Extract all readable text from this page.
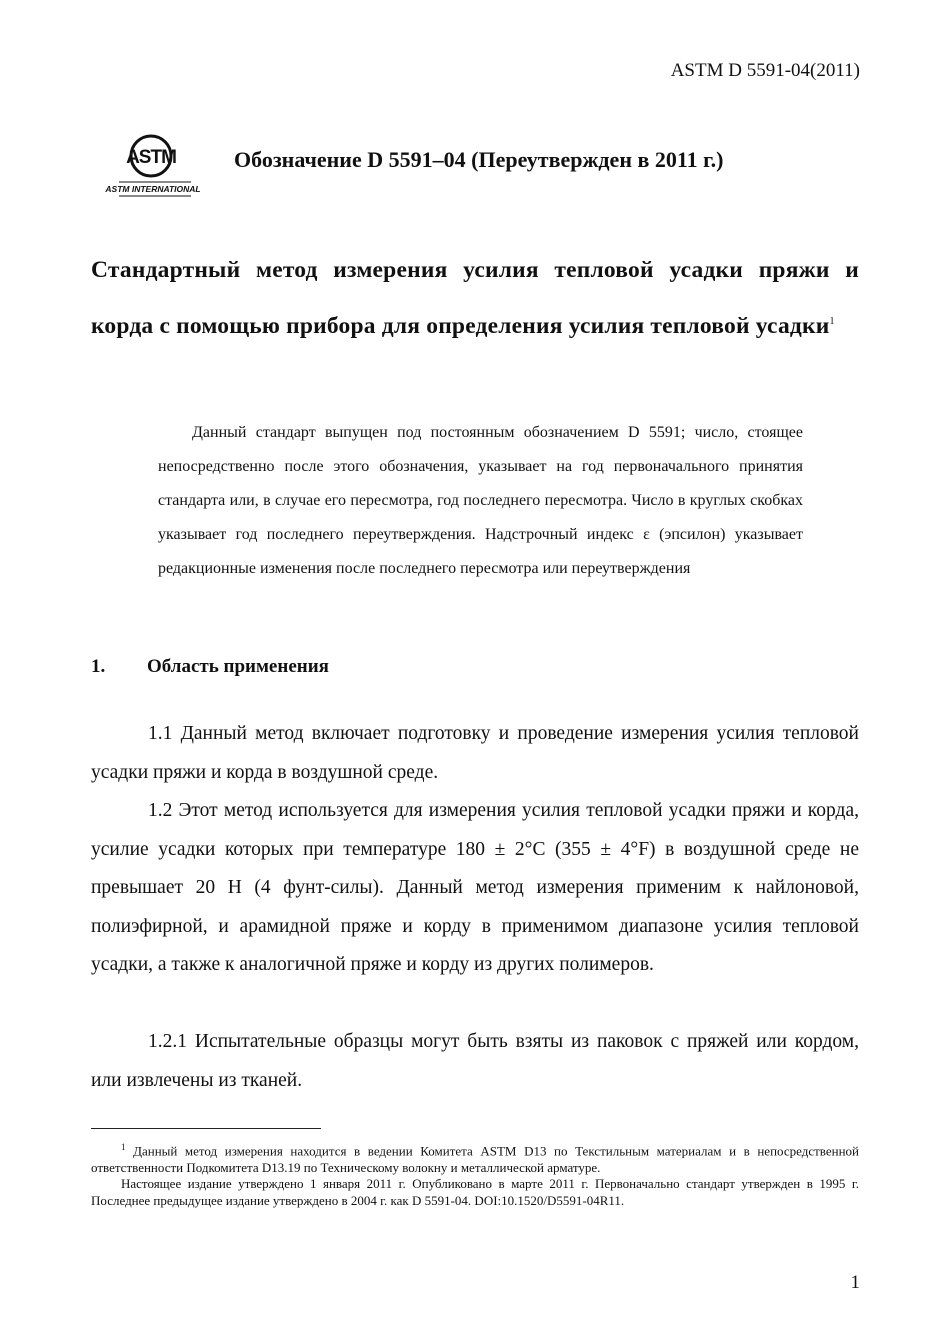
ASTM D 5591-04(2011)
ASTM
ASTM INTERNATIONAL
Обозначение D 5591–04 (Переутвержден в 2011 г.)

Стандартный метод измерения усилия тепловой усадки пряжи и корда с помощью прибора для определения усилия тепловой усадки$^1$

Данный стандарт выпущен под постоянным обозначением D 5591; число, стоящее непосредственно после этого обозначения, указывает на год первоначального принятия стандарта или, в случае его пересмотра, год последнего пересмотра. Число в круглых скобках указывает год последнего переутверждения. Надстрочный индекс ε (эпсилон) указывает редакционные изменения после последнего пересмотра или переутверждения

1. Область применения

1.1 Данный метод включает подготовку и проведение измерения усилия тепловой усадки пряжи и корда в воздушной среде.

1.2 Этот метод используется для измерения усилия тепловой усадки пряжи и корда, усилие усадки которых при температуре 180 ± 2°С (355 ± 4°F) в воздушной среде не превышает 20 Н (4 фунт-силы). Данный метод измерения применим к найлоновой, полиэфирной, и арамидной пряже и корду в применимом диапазоне усилия тепловой усадки, а также к аналогичной пряже и корду из других полимеров.

1.2.1 Испытательные образцы могут быть взяты из паковок с пряжей или кордом, или извлечены из тканей.

$^1$ Данный метод измерения находится в ведении Комитета ASTM D13 по Текстильным материалам и в непосредственной ответственности Подкомитета D13.19 по Техническому волокну и металлической арматуре.

Настоящее издание утверждено 1 января 2011 г. Опубликовано в марте 2011 г. Первоначально стандарт утвержден в 1995 г. Последнее предыдущее издание утверждено в 2004 г. как D 5591-04. DOI:10.1520/D5591-04R11.

1
